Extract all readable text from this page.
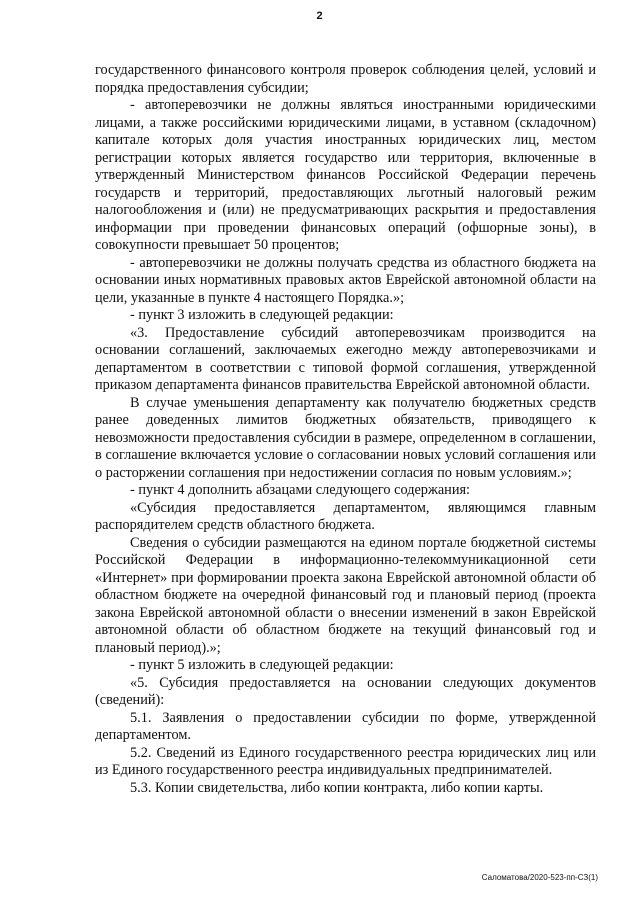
2

государственного финансового контроля проверок соблюдения целей, условий и порядка предоставления субсидии;

- автоперевозчики не должны являться иностранными юридическими лицами, а также российскими юридическими лицами, в уставном (складочном) капитале которых доля участия иностранных юридических лиц, местом регистрации которых является государство или территория, включенные в утвержденный Министерством финансов Российской Федерации перечень государств и территорий, предоставляющих льготный налоговый режим налогообложения и (или) не предусматривающих раскрытия и предоставления информации при проведении финансовых операций (офшорные зоны), в совокупности превышает 50 процентов;

- автоперевозчики не должны получать средства из областного бюджета на основании иных нормативных правовых актов Еврейской автономной области на цели, указанные в пункте 4 настоящего Порядка.»;

- пункт 3 изложить в следующей редакции:

«3. Предоставление субсидий автоперевозчикам производится на основании соглашений, заключаемых ежегодно между автоперевозчиками и департаментом в соответствии с типовой формой соглашения, утвержденной приказом департамента финансов правительства Еврейской автономной области.

В случае уменьшения департаменту как получателю бюджетных средств ранее доведенных лимитов бюджетных обязательств, приводящего к невозможности предоставления субсидии в размере, определенном в соглашении, в соглашение включается условие о согласовании новых условий соглашения или о расторжении соглашения при недостижении согласия по новым условиям.»;

- пункт 4 дополнить абзацами следующего содержания:

«Субсидия предоставляется департаментом, являющимся главным распорядителем средств областного бюджета.

Сведения о субсидии размещаются на едином портале бюджетной системы Российской Федерации в информационно-телекоммуникационной сети «Интернет» при формировании проекта закона Еврейской автономной области об областном бюджете на очередной финансовый год и плановый период (проекта закона Еврейской автономной области о внесении изменений в закон Еврейской автономной области об областном бюджете на текущий финансовый год и плановый период).»;

- пункт 5 изложить в следующей редакции:

«5. Субсидия предоставляется на основании следующих документов (сведений):

5.1. Заявления о предоставлении субсидии по форме, утвержденной департаментом.

5.2. Сведений из Единого государственного реестра юридических лиц или из Единого государственного реестра индивидуальных предпринимателей.

5.3. Копии свидетельства, либо копии контракта, либо копии карты.

Саломатова/2020-523-пп-СЗ(1)
